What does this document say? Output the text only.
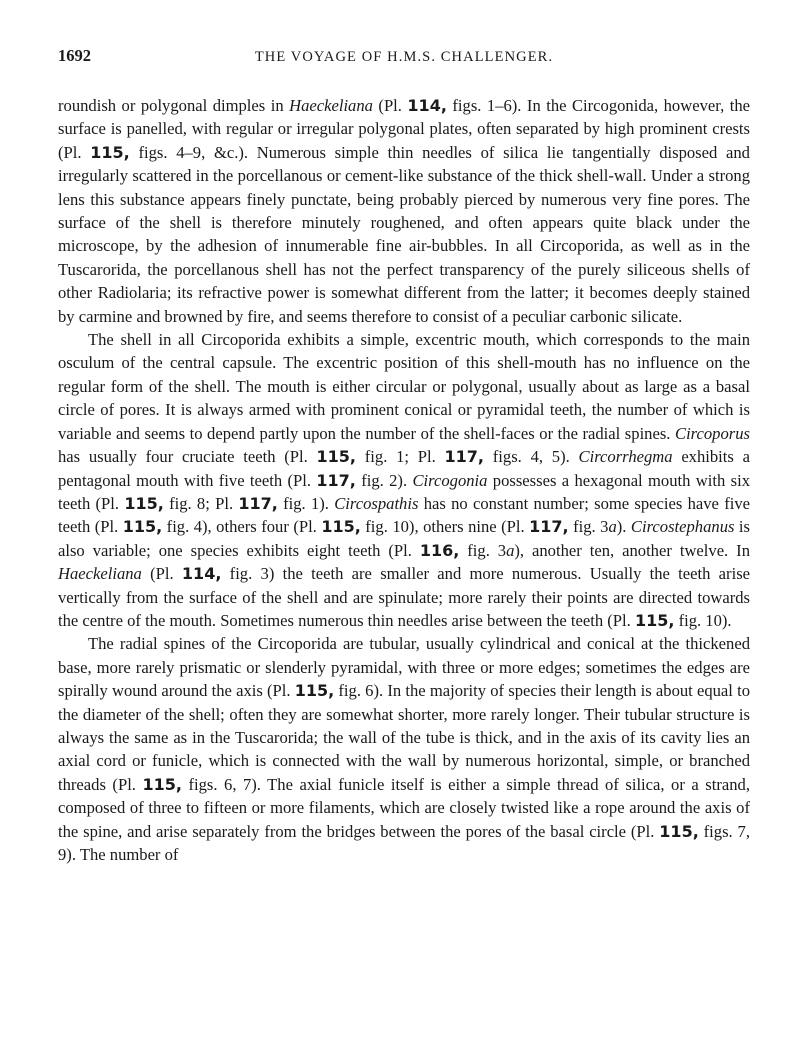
1692	THE VOYAGE OF H.M.S. CHALLENGER.

roundish or polygonal dimples in Haeckeliana (Pl. 114, figs. 1–6). In the Circogonida, however, the surface is panelled, with regular or irregular polygonal plates, often separated by high prominent crests (Pl. 115, figs. 4–9, &c.). Numerous simple thin needles of silica lie tangentially disposed and irregularly scattered in the porcellanous or cement-like substance of the thick shell-wall. Under a strong lens this substance appears finely punctate, being probably pierced by numerous very fine pores. The surface of the shell is therefore minutely roughened, and often appears quite black under the microscope, by the adhesion of innumerable fine air-bubbles. In all Circoporida, as well as in the Tuscarorida, the porcellanous shell has not the perfect transparency of the purely siliceous shells of other Radiolaria; its refractive power is somewhat different from the latter; it becomes deeply stained by carmine and browned by fire, and seems therefore to consist of a peculiar carbonic silicate.

The shell in all Circoporida exhibits a simple, excentric mouth, which corresponds to the main osculum of the central capsule. The excentric position of this shell-mouth has no influence on the regular form of the shell. The mouth is either circular or polygonal, usually about as large as a basal circle of pores. It is always armed with prominent conical or pyramidal teeth, the number of which is variable and seems to depend partly upon the number of the shell-faces or the radial spines. Circoporus has usually four cruciate teeth (Pl. 115, fig. 1; Pl. 117, figs. 4, 5). Circorrhegma exhibits a pentagonal mouth with five teeth (Pl. 117, fig. 2). Circogonia possesses a hexagonal mouth with six teeth (Pl. 115, fig. 8; Pl. 117, fig. 1). Circospathis has no constant number; some species have five teeth (Pl. 115, fig. 4), others four (Pl. 115, fig. 10), others nine (Pl. 117, fig. 3a). Circostephanus is also variable; one species exhibits eight teeth (Pl. 116, fig. 3a), another ten, another twelve. In Haeckeliana (Pl. 114, fig. 3) the teeth are smaller and more numerous. Usually the teeth arise vertically from the surface of the shell and are spinulate; more rarely their points are directed towards the centre of the mouth. Sometimes numerous thin needles arise between the teeth (Pl. 115, fig. 10).

The radial spines of the Circoporida are tubular, usually cylindrical and conical at the thickened base, more rarely prismatic or slenderly pyramidal, with three or more edges; sometimes the edges are spirally wound around the axis (Pl. 115, fig. 6). In the majority of species their length is about equal to the diameter of the shell; often they are somewhat shorter, more rarely longer. Their tubular structure is always the same as in the Tuscarorida; the wall of the tube is thick, and in the axis of its cavity lies an axial cord or funicle, which is connected with the wall by numerous horizontal, simple, or branched threads (Pl. 115, figs. 6, 7). The axial funicle itself is either a simple thread of silica, or a strand, composed of three to fifteen or more filaments, which are closely twisted like a rope around the axis of the spine, and arise separately from the bridges between the pores of the basal circle (Pl. 115, figs. 7, 9). The number of
